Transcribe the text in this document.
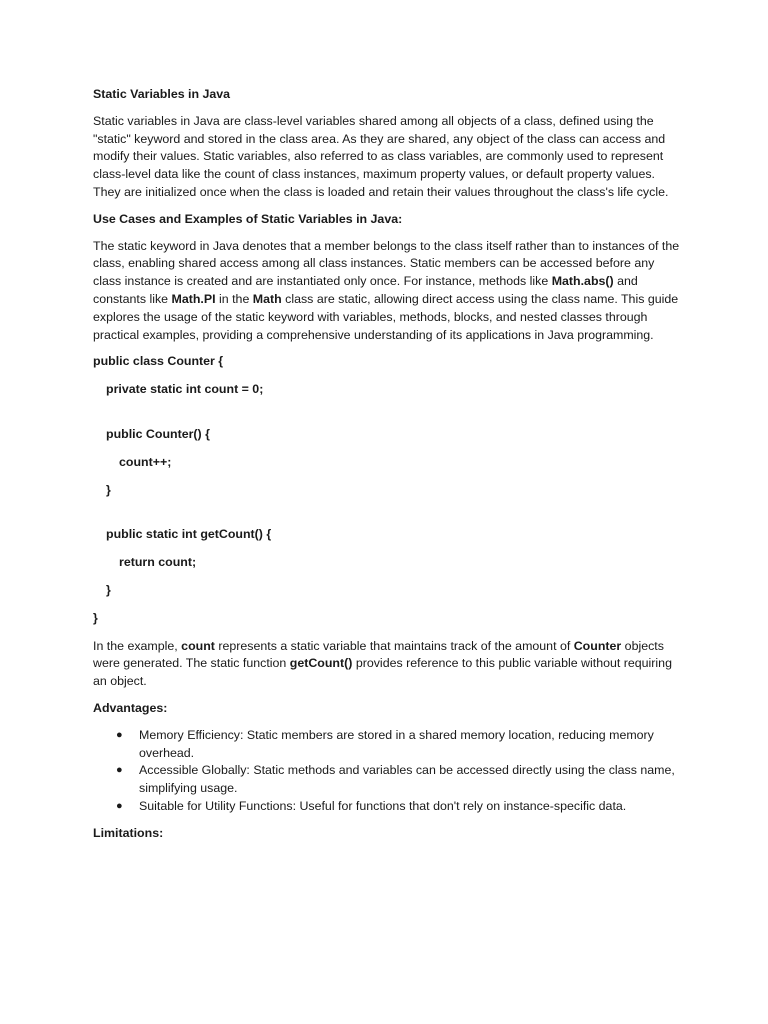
Static Variables in Java

Static variables in Java are class-level variables shared among all objects of a class, defined using the "static" keyword and stored in the class area. As they are shared, any object of the class can access and modify their values. Static variables, also referred to as class variables, are commonly used to represent class-level data like the count of class instances, maximum property values, or default property values. They are initialized once when the class is loaded and retain their values throughout the class's life cycle.

Use Cases and Examples of Static Variables in Java:

The static keyword in Java denotes that a member belongs to the class itself rather than to instances of the class, enabling shared access among all class instances. Static members can be accessed before any class instance is created and are instantiated only once. For instance, methods like Math.abs() and constants like Math.PI in the Math class are static, allowing direct access using the class name. This guide explores the usage of the static keyword with variables, methods, blocks, and nested classes through practical examples, providing a comprehensive understanding of its applications in Java programming.

public class Counter {
private static int count = 0;
public Counter() {
count++;
}
public static int getCount() {
return count;
}
}

In the example, count represents a static variable that maintains track of the amount of Counter objects were generated. The static function getCount() provides reference to this public variable without requiring an object.

Advantages:
● Memory Efficiency: Static members are stored in a shared memory location, reducing memory overhead.
● Accessible Globally: Static methods and variables can be accessed directly using the class name, simplifying usage.
● Suitable for Utility Functions: Useful for functions that don't rely on instance-specific data.
Limitations:
